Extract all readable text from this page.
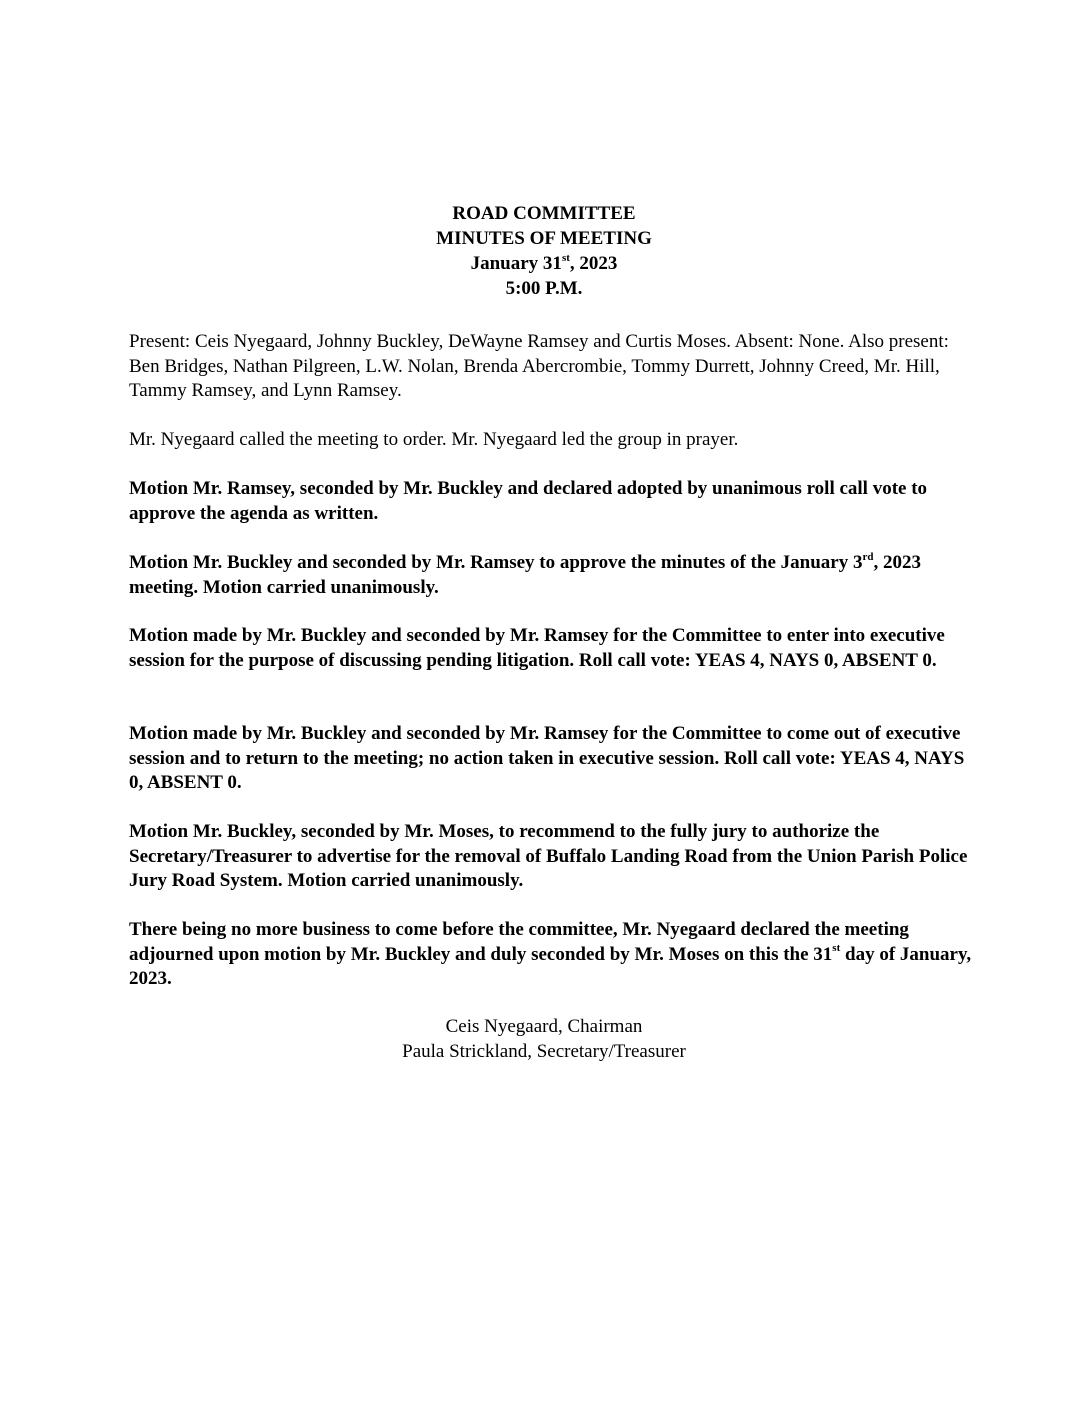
ROAD COMMITTEE
MINUTES OF MEETING
January 31st, 2023
5:00 P.M.

Present: Ceis Nyegaard, Johnny Buckley, DeWayne Ramsey and Curtis Moses. Absent: None. Also present: Ben Bridges, Nathan Pilgreen, L.W. Nolan, Brenda Abercrombie, Tommy Durrett, Johnny Creed, Mr. Hill, Tammy Ramsey, and Lynn Ramsey.

Mr. Nyegaard called the meeting to order. Mr. Nyegaard led the group in prayer.

Motion Mr. Ramsey, seconded by Mr. Buckley and declared adopted by unanimous roll call vote to approve the agenda as written.

Motion Mr. Buckley and seconded by Mr. Ramsey to approve the minutes of the January 3rd, 2023 meeting. Motion carried unanimously.

Motion made by Mr. Buckley and seconded by Mr. Ramsey for the Committee to enter into executive session for the purpose of discussing pending litigation. Roll call vote: YEAS 4, NAYS 0, ABSENT 0.

Motion made by Mr. Buckley and seconded by Mr. Ramsey for the Committee to come out of executive session and to return to the meeting; no action taken in executive session. Roll call vote: YEAS 4, NAYS 0, ABSENT 0.

Motion Mr. Buckley, seconded by Mr. Moses, to recommend to the fully jury to authorize the Secretary/Treasurer to advertise for the removal of Buffalo Landing Road from the Union Parish Police Jury Road System. Motion carried unanimously.

There being no more business to come before the committee, Mr. Nyegaard declared the meeting adjourned upon motion by Mr. Buckley and duly seconded by Mr. Moses on this the 31st day of January, 2023.

Ceis Nyegaard, Chairman
Paula Strickland, Secretary/Treasurer
